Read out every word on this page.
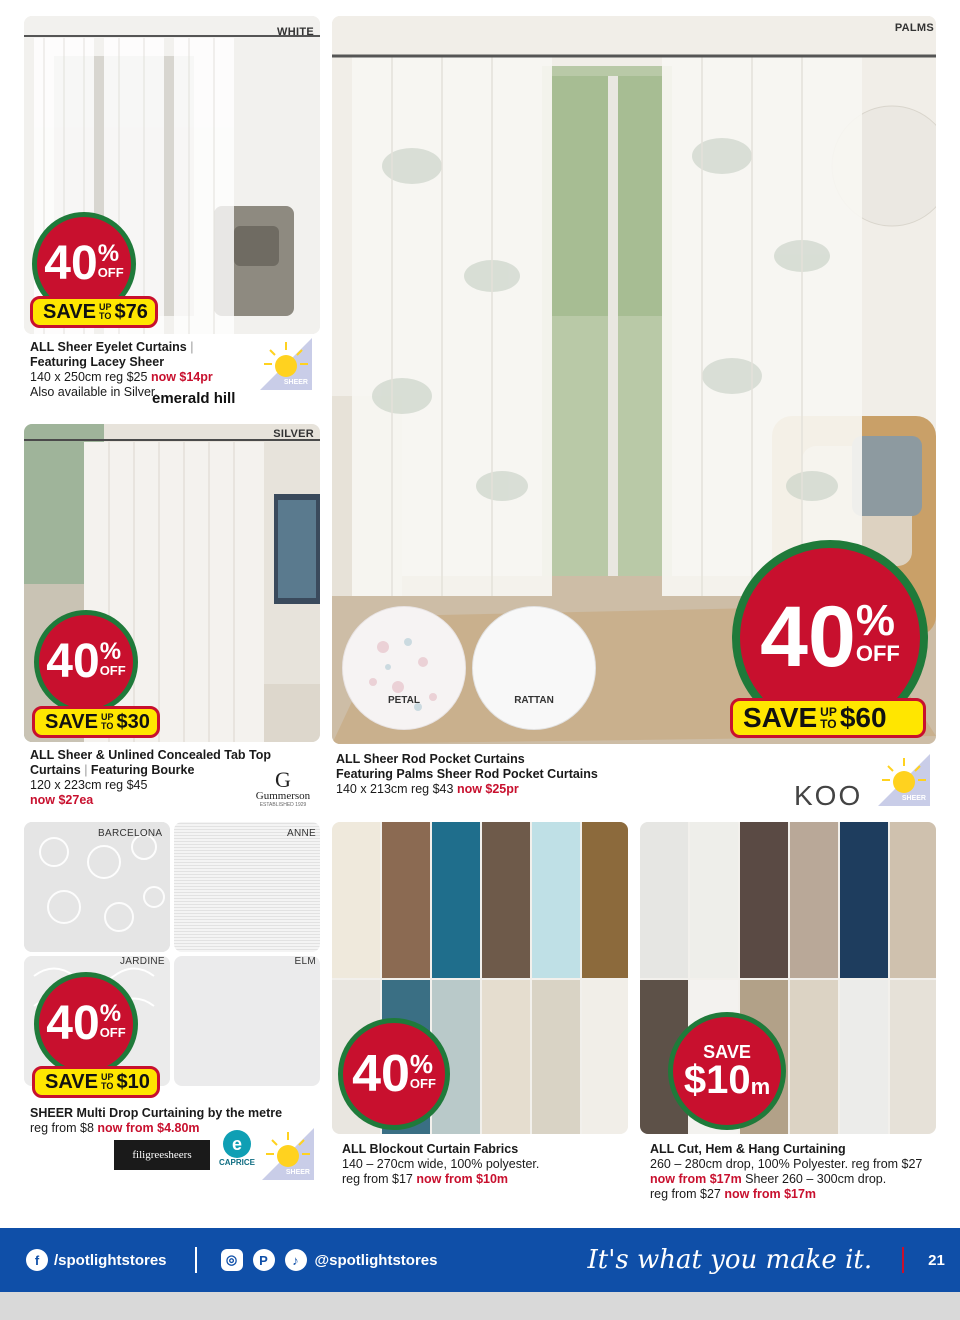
WHITE
40 %
OFF
SAVE UP
TO $76
ALL Sheer Eyelet Curtains |
Featuring Lacey Sheer
140 x 250cm reg $25 now $14pr
Also available in Silver.
emerald hill
SHEER
SILVER
40 %
OFF
SAVE UP
TO $30
ALL Sheer & Unlined Concealed Tab Top
Curtains | Featuring Bourke
120 x 223cm reg $45
now $27ea
G
Gummerson
ESTABLISHED 1929
PALMS
PETAL	RATTAN
40 %
OFF
SAVE UP
TO $60
ALL Sheer Rod Pocket Curtains
Featuring Palms Sheer Rod Pocket Curtains
140 x 213cm reg $43 now $25pr	KOO	SHEER
BARCELONA	ANNE
JARDINE	ELM
40 %
OFF
SAVE UP
TO $10
SHEER Multi Drop Curtaining by the metre
reg from $8 now from $4.80m
filigreesheers
e
CAPRICE
SHEER
40 %
OFF
ALL Blockout Curtain Fabrics
140 – 270cm wide, 100% polyester.
reg from $17 now from $10m
SAVE
$10 m
ALL Cut, Hem & Hang Curtaining
260 – 280cm drop, 100% Polyester. reg from $27
now from $17m Sheer 260 – 300cm drop.
reg from $27 now from $17m
f /spotlightstores	◎	P	♪	@spotlightstores	It's what you make it.	21
